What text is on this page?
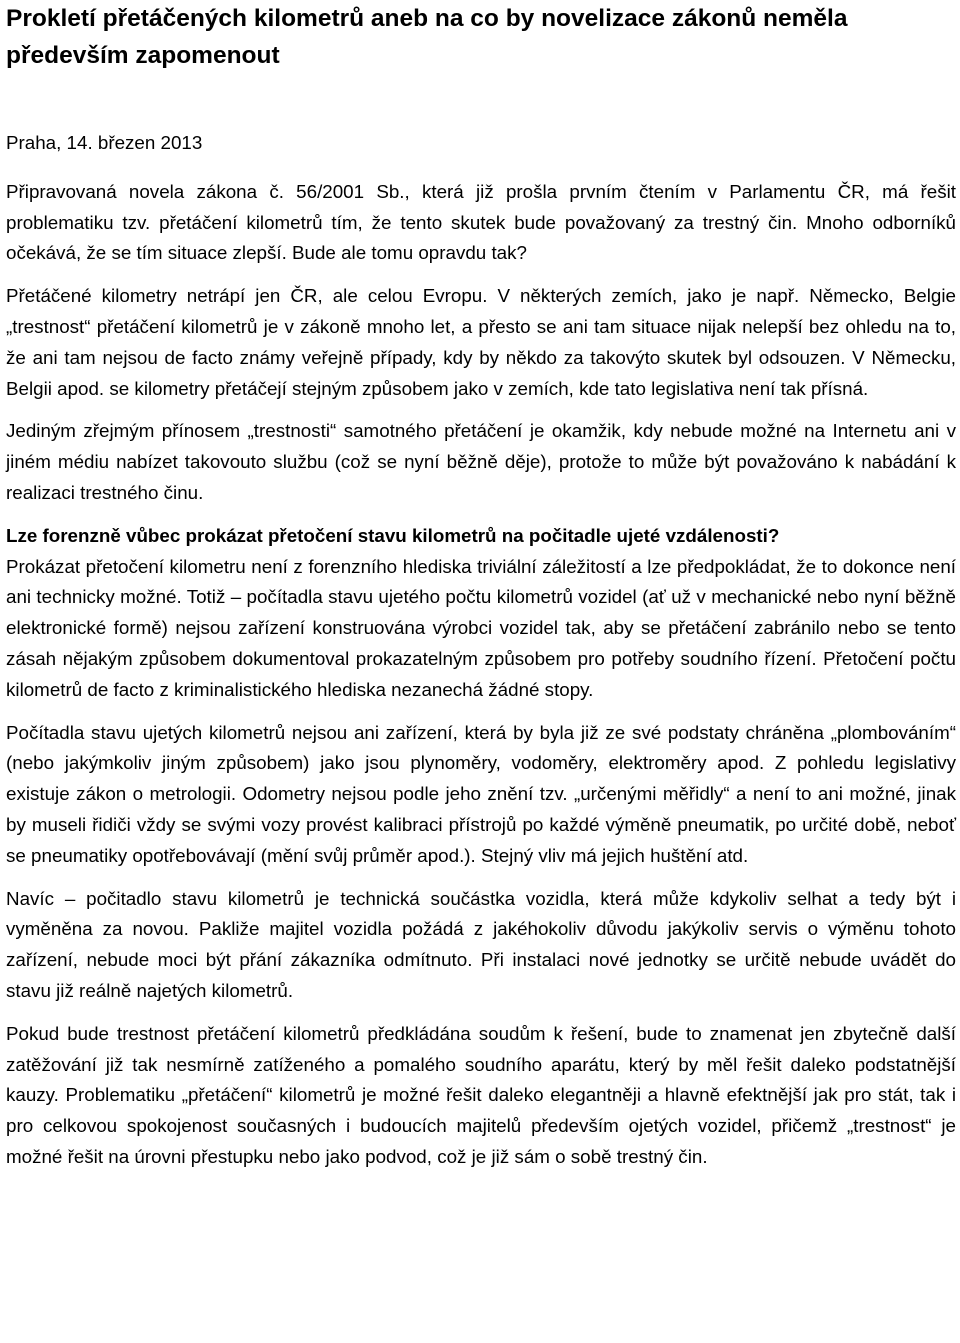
Prokletí přetáčených kilometrů aneb na co by novelizace zákonů neměla především zapomenout

Praha, 14. březen 2013

Připravovaná novela zákona č. 56/2001 Sb., která již prošla prvním čtením v Parlamentu ČR, má řešit problematiku tzv. přetáčení kilometrů tím, že tento skutek bude považovaný za trestný čin. Mnoho odborníků očekává, že se tím situace zlepší. Bude ale tomu opravdu tak?

Přetáčené kilometry netrápí jen ČR, ale celou Evropu. V některých zemích, jako je např. Německo, Belgie „trestnost“ přetáčení kilometrů je v zákoně mnoho let, a přesto se ani tam situace nijak nelepší bez ohledu na to, že ani tam nejsou de facto známy veřejně případy, kdy by někdo za takovýto skutek byl odsouzen. V Německu, Belgii apod. se kilometry přetáčejí stejným způsobem jako v zemích, kde tato legislativa není tak přísná.

Jediným zřejmým přínosem „trestnosti“ samotného přetáčení je okamžik, kdy nebude možné na Internetu ani v jiném médiu nabízet takovouto službu (což se nyní běžně děje), protože to může být považováno k nabádání k realizaci trestného činu.

Lze forenzně vůbec prokázat přetočení stavu kilometrů na počitadle ujeté vzdálenosti?
Prokázat přetočení kilometru není z forenzního hlediska triviální záležitostí a lze předpokládat, že to dokonce není ani technicky možné. Totiž – počítadla stavu ujetého počtu kilometrů vozidel (ať už v mechanické nebo nyní běžně elektronické formě) nejsou zařízení konstruována výrobci vozidel tak, aby se přetáčení zabránilo nebo se tento zásah nějakým způsobem dokumentoval prokazatelným způsobem pro potřeby soudního řízení. Přetočení počtu kilometrů de facto z kriminalistického hlediska nezanechá žádné stopy.

Počítadla stavu ujetých kilometrů nejsou ani zařízení, která by byla již ze své podstaty chráněna „plombováním“ (nebo jakýmkoliv jiným způsobem) jako jsou plynoměry, vodoměry, elektroměry apod. Z pohledu legislativy existuje zákon o metrologii. Odometry nejsou podle jeho znění tzv. „určenými měřidly“ a není to ani možné, jinak by museli řidiči vždy se svými vozy provést kalibraci přístrojů po každé výměně pneumatik, po určité době, neboť se pneumatiky opotřebovávají (mění svůj průměr apod.). Stejný vliv má jejich huštění atd.

Navíc – počitadlo stavu kilometrů je technická součástka vozidla, která může kdykoliv selhat a tedy být i vyměněna za novou. Pakliže majitel vozidla požádá z jakéhokoliv důvodu jakýkoliv servis o výměnu tohoto zařízení, nebude moci být přání zákazníka odmítnuto. Při instalaci nové jednotky se určitě nebude uvádět do stavu již reálně najetých kilometrů.

Pokud bude trestnost přetáčení kilometrů předkládána soudům k řešení, bude to znamenat jen zbytečně další zatěžování již tak nesmírně zatíženého a pomalého soudního aparátu, který by měl řešit daleko podstatnější kauzy. Problematiku „přetáčení“ kilometrů je možné řešit daleko elegantněji a hlavně efektnější jak pro stát, tak i pro celkovou spokojenost současných i budoucích majitelů především ojetých vozidel, přičemž „trestnost“ je možné řešit na úrovni přestupku nebo jako podvod, což je již sám o sobě trestný čin.
